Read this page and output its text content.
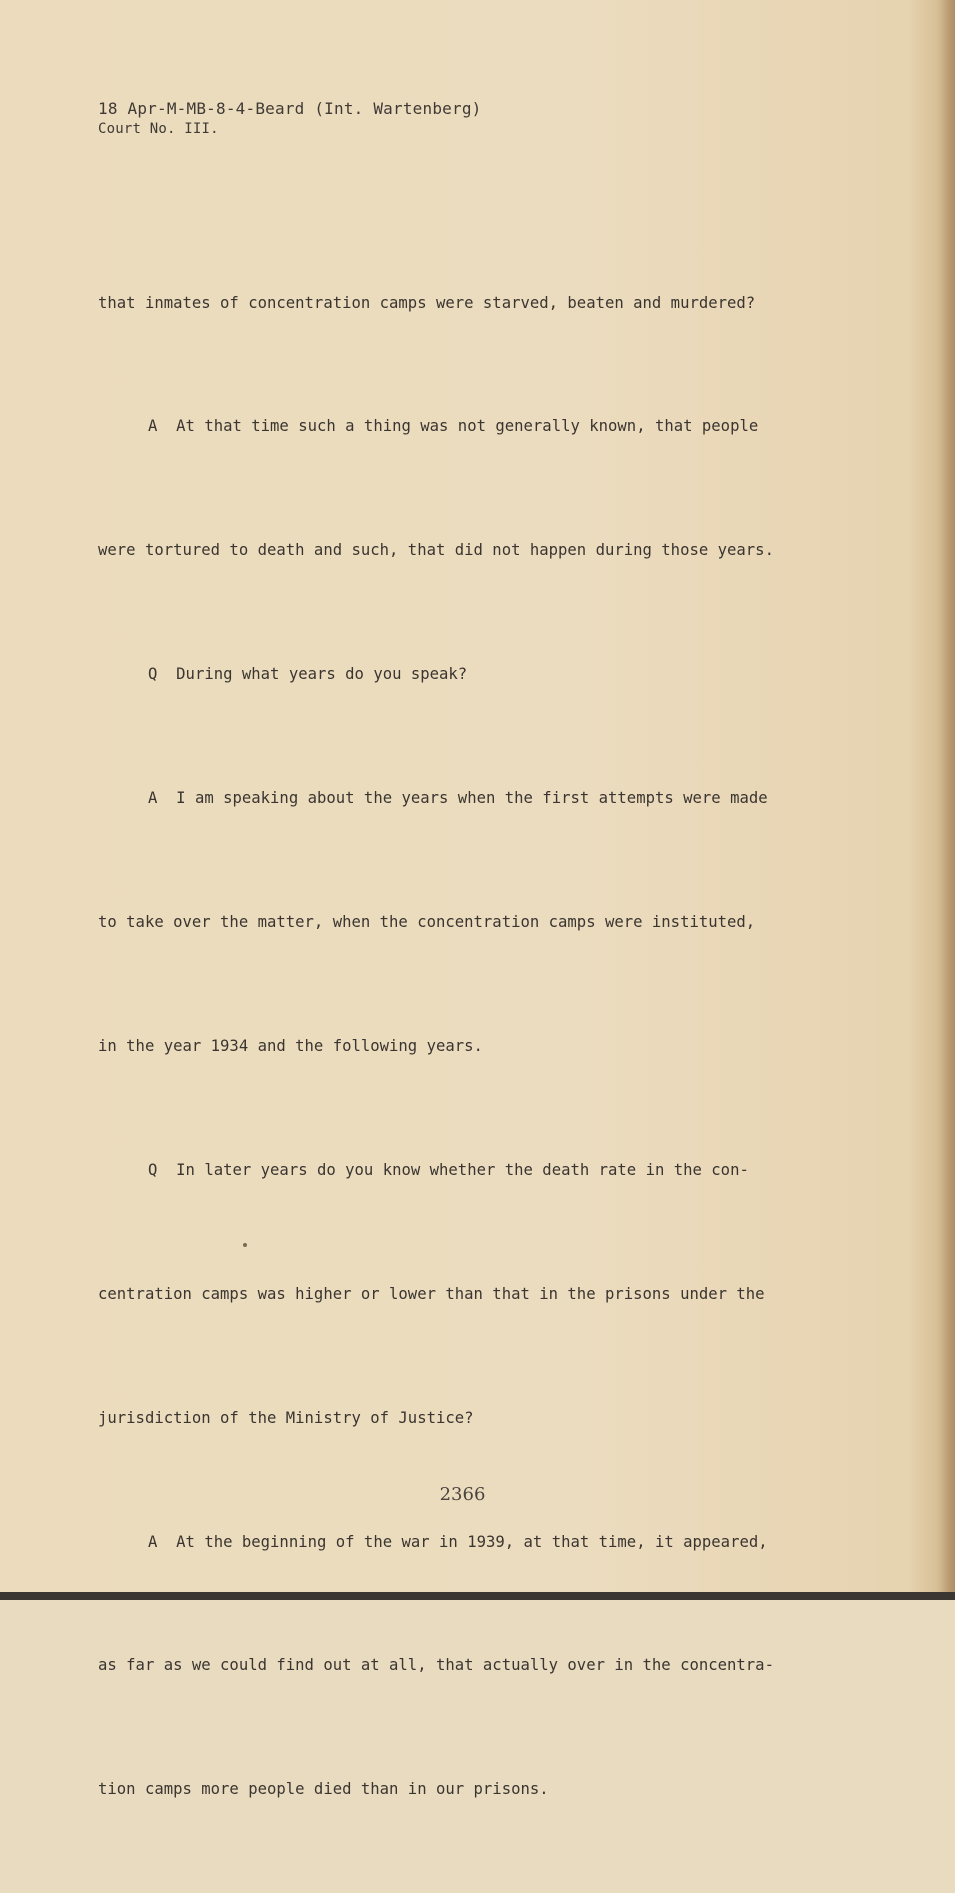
18 Apr-M-MB-8-4-Beard (Int. Wartenberg)
Court No. III.

that inmates of concentration camps were starved, beaten and murdered?

A  At that time such a thing was not generally known, that people

were tortured to death and such, that did not happen during those years.

Q  During what years do you speak?

A  I am speaking about the years when the first attempts were made

to take over the matter, when the concentration camps were instituted,

in the year 1934 and the following years.

Q  In later years do you know whether the death rate in the con-

centration camps was higher or lower than that in the prisons under the

jurisdiction of the Ministry of Justice?

A  At the beginning of the war in 1939, at that time, it appeared,

as far as we could find out at all, that actually over in the concentra-

tion camps more people died than in our prisons.

2366
